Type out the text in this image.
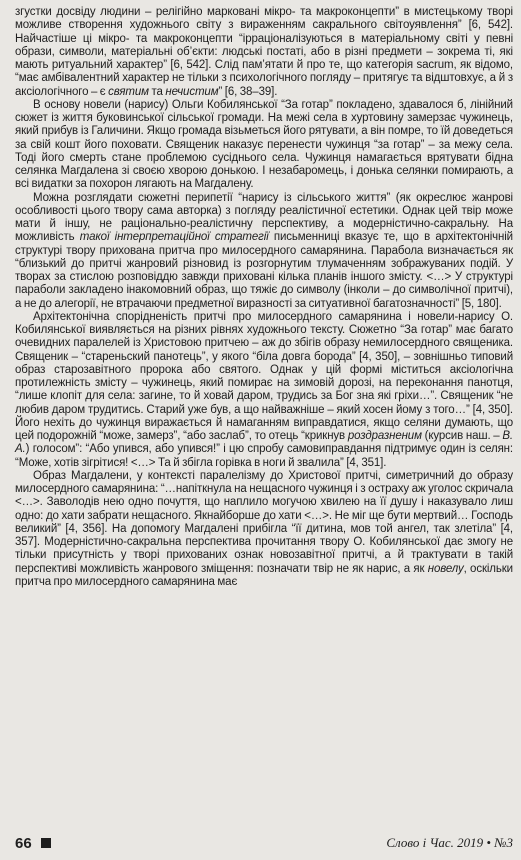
згустки досвіду людини – релігійно марковані мікро- та макроконцепти” в мистецькому творі можливе створення художнього світу з вираженням сакрального світоуявлення” [6, 542]. Найчастіше ці мікро- та макроконцепти “ірраціоналізуються в матеріальному світі у певні образи, символи, матеріальні об’єкти: людські постаті, або в різні предмети – зокрема ті, які мають ритуальний характер” [6, 542]. Слід пам’ятати й про те, що категорія sacrum, як відомо, “має амбівалентний характер не тільки з психологічного погляду – притягує та відштовхує, а й з аксіологічного – є святим та нечистим” [6, 38–39].

В основу новели (нарису) Ольги Кобилянської “За готар” покладено, здавалося б, лінійний сюжет із життя буковинської сільської громади. На межі села в хуртовину замерзає чужинець, який прибув із Галичини. Якщо громада візьметься його рятувати, а він помре, то їй доведеться за свій кошт його поховати. Священик наказує перенести чужинця “за готар” – за межу села. Тоді його смерть стане проблемою сусіднього села. Чужинця намагається врятувати бідна селянка Магдалена зі своєю хворою донькою. І незабаромець, і донька селянки помирають, а всі видатки за похорон лягають на Магдалену.

Можна розглядати сюжетні перипетії “нарису із сільського життя” (як окреслює жанрові особливості цього твору сама авторка) з погляду реалістичної естетики. Однак цей твір може мати й іншу, не раціонально-реалістичну перспективу, а модерністично-сакральну. На можливість такої інтерпретаційної стратегії письменниці вказує те, що в архітектонічній структурі твору прихована притча про милосердного самарянина. Парабола визначається як “близький до притчі жанровий різновид із розгорнутим тлумаченням зображуваних подій. У творах за стислою розповіддю завжди приховані кілька планів іншого змісту. <…> У структурі параболи закладено інакомовний образ, що тяжіє до символу (інколи – до символічної притчі), а не до алегорії, не втрачаючи предметної виразності за ситуативної багатозначності” [5, 180].

Архітектонічна спорідненість притчі про милосердного самарянина і новели-нарису О. Кобилянської виявляється на різних рівнях художнього тексту. Сюжетно “За готар” має багато очевидних паралелей із Христовою притчею – аж до збігів образу немилосердного священика. Священик – “стареньский панотець”, у якого “біла довга борода” [4, 350], – зовнішньо типовий образ старозавітного пророка або святого. Однак у цій формі міститься аксіологічна протилежність змісту – чужинець, який помирає на зимовій дорозі, на переконання панотця, “лише клопіт для села: загине, то й ховай даром, трудись за Бог зна які гріхи…”. Священик “не любив даром трудитись. Старий уже був, а що найважніше – який хосен йому з того…” [4, 350]. Його нехіть до чужинця виражається й намаганням виправдатися, якщо селяни думають, що цей подорожній “може, замерз”, “або заслаб”, то отець “крикнув роздразненим (курсив наш. – В. А.) голосом”: “Або упився, або упився!” і цю спробу самовиправдання підтримує один із селян: “Може, хотів зігрітися! <…> Та й збігла горівка в ноги й звалила” [4, 351].

Образ Магдалени, у контексті паралелізму до Христової притчі, симетричний до образу милосердного самарянина: “…напіткнула на нещасного чужинця і з остраху аж уголос скричала <…>. Заволодів нею одно почуття, що наплило могучою хвилею на її душу і наказувало лиш одно: до хати забрати нещасного. Якнайборше до хати <…>. Не міг ще бути мертвий… Господь великий” [4, 356]. На допомогу Магдалені прибігла “її дитина, мов той ангел, так злетіла” [4, 357]. Модерністично-сакральна перспектива прочитання твору О. Кобилянської дає змогу не тільки присутність у творі прихованих ознак новозавітної притчі, а й трактувати в такій перспективі можливість жанрового зміщення: позначати твір не як нарис, а як новелу, оскільки притча про милосердного самарянина має

66	Слово і Час. 2019 • №3
